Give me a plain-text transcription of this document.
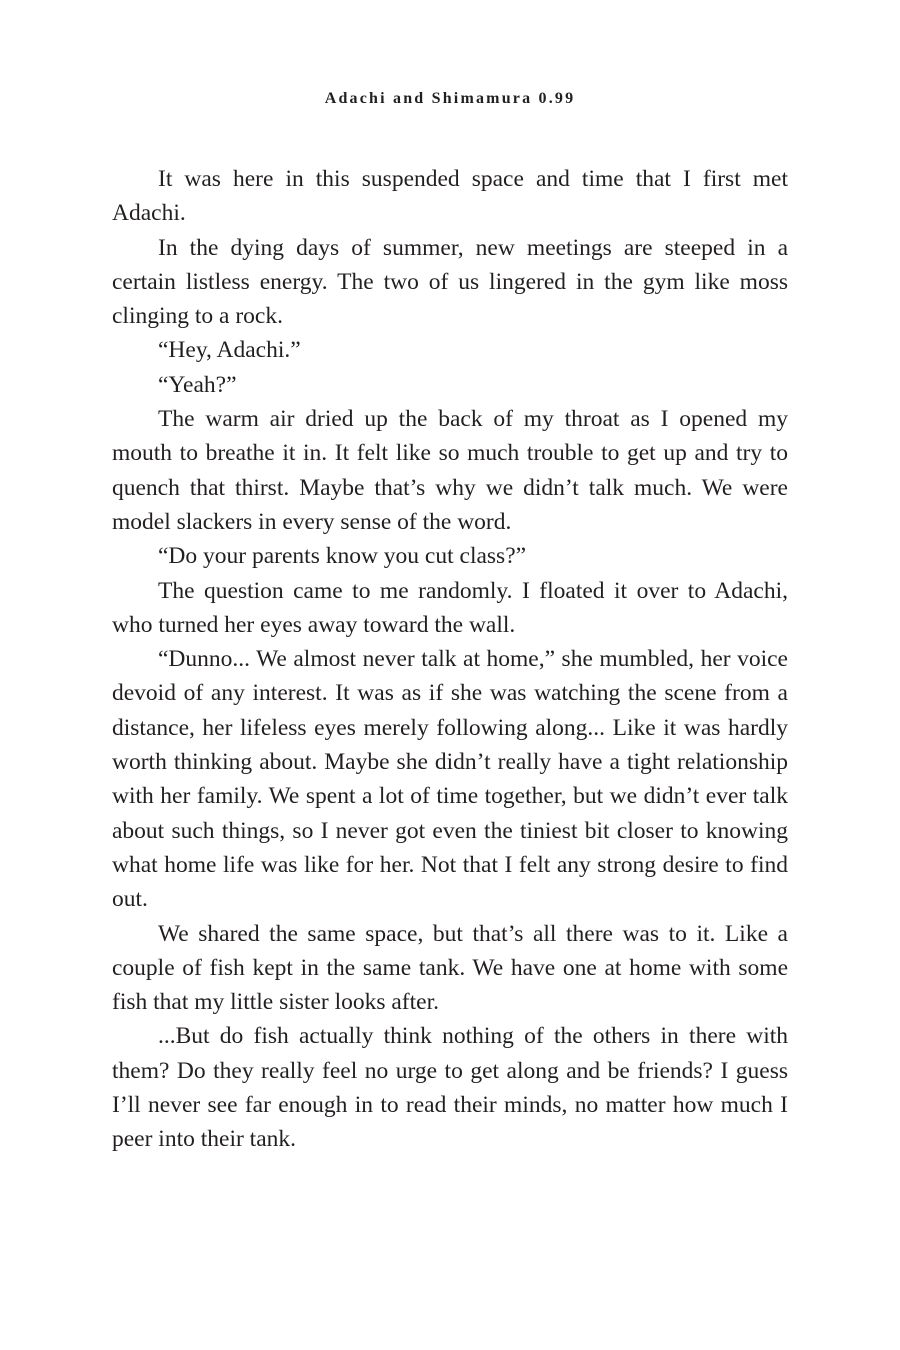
Adachi and Shimamura 0.99

It was here in this suspended space and time that I first met Adachi.

In the dying days of summer, new meetings are steeped in a certain listless energy. The two of us lingered in the gym like moss clinging to a rock.

“Hey, Adachi.”

“Yeah?”

The warm air dried up the back of my throat as I opened my mouth to breathe it in. It felt like so much trouble to get up and try to quench that thirst. Maybe that’s why we didn’t talk much. We were model slackers in every sense of the word.

“Do your parents know you cut class?”

The question came to me randomly. I floated it over to Adachi, who turned her eyes away toward the wall.

“Dunno... We almost never talk at home,” she mumbled, her voice devoid of any interest. It was as if she was watching the scene from a distance, her lifeless eyes merely following along... Like it was hardly worth thinking about. Maybe she didn’t really have a tight relationship with her family. We spent a lot of time together, but we didn’t ever talk about such things, so I never got even the tiniest bit closer to knowing what home life was like for her. Not that I felt any strong desire to find out.

We shared the same space, but that’s all there was to it. Like a couple of fish kept in the same tank. We have one at home with some fish that my little sister looks after.

...But do fish actually think nothing of the others in there with them? Do they really feel no urge to get along and be friends? I guess I’ll never see far enough in to read their minds, no matter how much I peer into their tank.
